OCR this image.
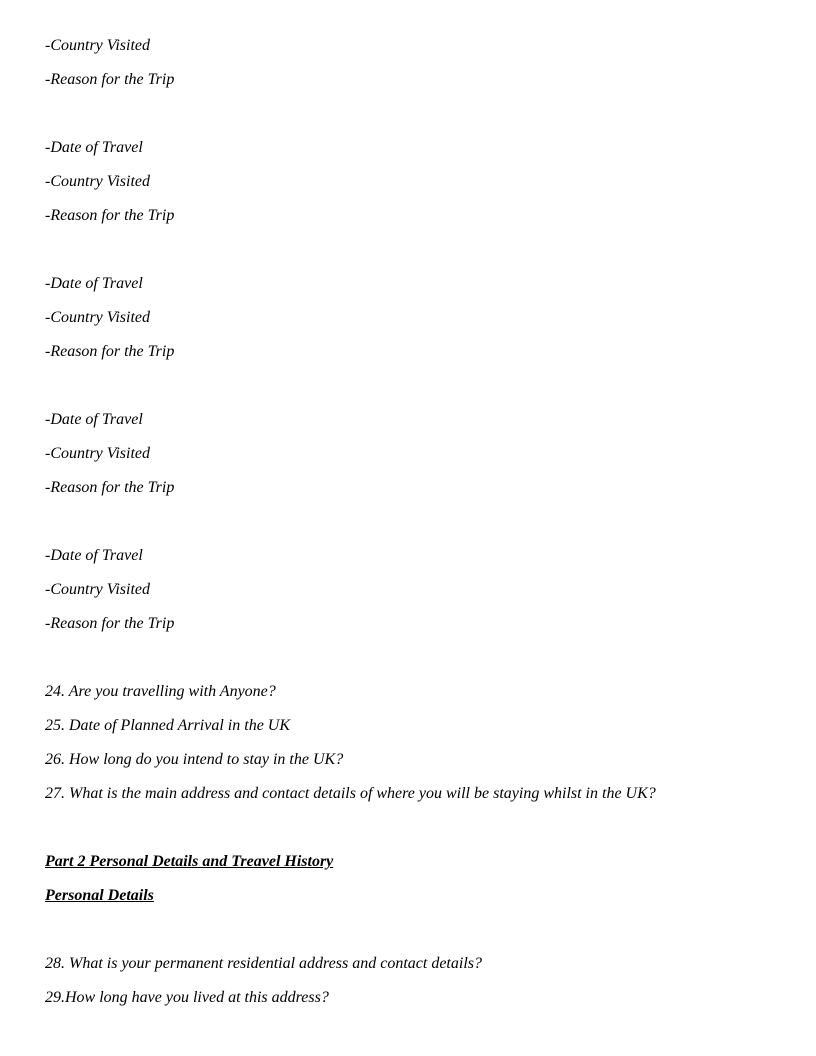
-Country Visited
-Reason for the Trip
-Date of Travel
-Country Visited
-Reason for the Trip
-Date of Travel
-Country Visited
-Reason for the Trip
-Date of Travel
-Country Visited
-Reason for the Trip
-Date of Travel
-Country Visited
-Reason for the Trip
24. Are you travelling with Anyone?
25. Date of Planned Arrival in the UK
26. How long do you intend to stay in the UK?
27. What is the main address and contact details of where you will be staying whilst in the UK?
Part 2 Personal Details and Treavel History
Personal Details
28. What is your permanent residential address and contact details?
29.How long have you lived at this address?
